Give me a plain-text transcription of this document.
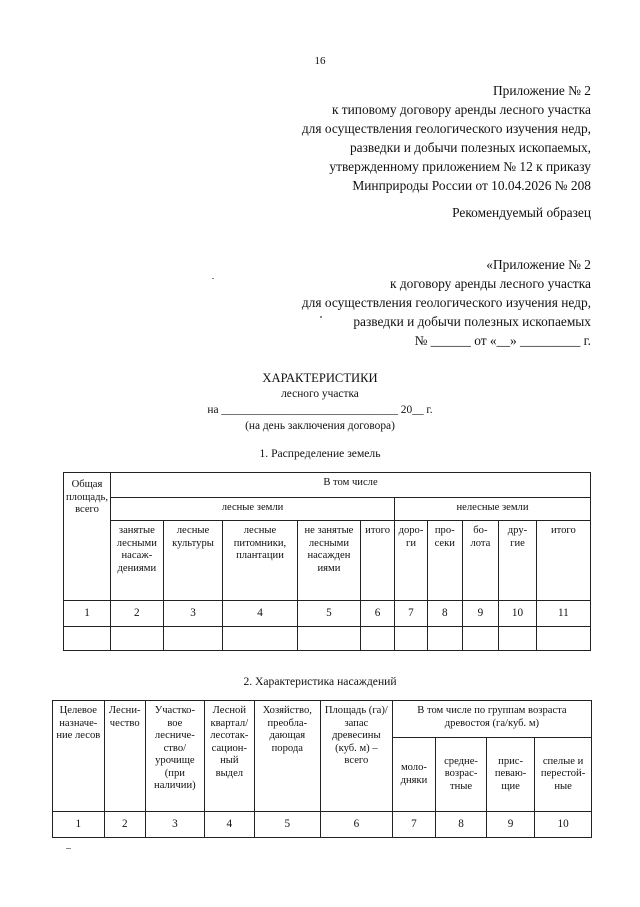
16
Приложение № 2
к типовому договору аренды лесного участка
для осуществления геологического изучения недр,
разведки и добычи полезных ископаемых,
утвержденному приложением № 12 к приказу
Минприроды России от 10.04.2026 № 208
Рекомендуемый образец
«Приложение № 2
к договору аренды лесного участка
для осуществления геологического изучения недр,
разведки и добычи полезных ископаемых
№ ______ от «__» _________ г.
ХАРАКТЕРИСТИКИ
лесного участка
на _______________________________ 20__ г.
(на день заключения договора)
1. Распределение земель
Общая площадь, всего	В том числе									
	лесные земли					нелесные земли				
	занятые лесными насаж-дениями	лесные культуры	лесные питомники, плантации	не занятые лесными насажден иями	итого	доро-ги	про-секи	бо-лота	дру-гие	итого
1	2	3	4	5	6	7	8	9	10	11

2. Характеристика насаждений
Целевое назначе-ние лесов	Лесни-чество	Участко-вое лесниче-ство/ урочище (при наличии)	Лесной квартал/ лесотак-сацион-ный выдел	Хозяйство, преобла-дающая порода	Площадь (га)/запас древесины (куб. м) – всего	В том числе по группам возраста древостоя (га/куб. м)			
						моло-дняки	средне-возрас-тные	прис-певаю-щие	спелые и перестой-ные
1	2	3	4	5	6	7	8	9	10
